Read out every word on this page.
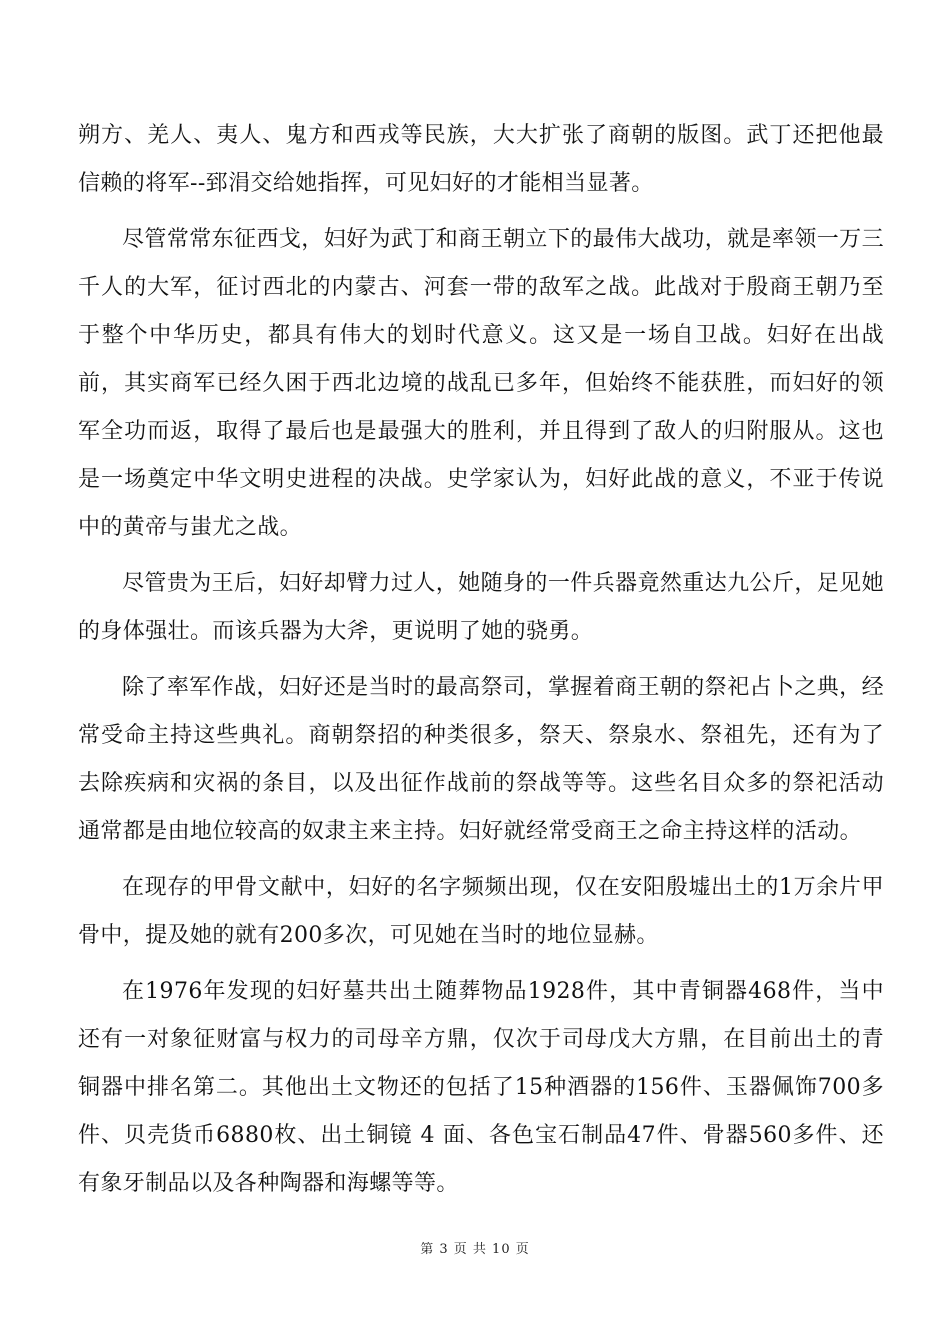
朔方、羌人、夷人、鬼方和西戎等民族，大大扩张了商朝的版图。武丁还把他最信赖的将军--郅涓交给她指挥，可见妇好的才能相当显著。

尽管常常东征西戈，妇好为武丁和商王朝立下的最伟大战功，就是率领一万三千人的大军，征讨西北的内蒙古、河套一带的敌军之战。此战对于殷商王朝乃至于整个中华历史，都具有伟大的划时代意义。这又是一场自卫战。妇好在出战前，其实商军已经久困于西北边境的战乱已多年，但始终不能获胜，而妇好的领军全功而返，取得了最后也是最强大的胜利，并且得到了敌人的归附服从。这也是一场奠定中华文明史进程的决战。史学家认为，妇好此战的意义，不亚于传说中的黄帝与蚩尤之战。

尽管贵为王后，妇好却臂力过人，她随身的一件兵器竟然重达九公斤，足见她的身体强壮。而该兵器为大斧，更说明了她的骁勇。

除了率军作战，妇好还是当时的最高祭司，掌握着商王朝的祭祀占卜之典，经常受命主持这些典礼。商朝祭招的种类很多，祭天、祭泉水、祭祖先，还有为了去除疾病和灾祸的条目，以及出征作战前的祭战等等。这些名目众多的祭祀活动通常都是由地位较高的奴隶主来主持。妇好就经常受商王之命主持这样的活动。

在现存的甲骨文献中，妇好的名字频频出现，仅在安阳殷墟出土的1万余片甲骨中，提及她的就有200多次，可见她在当时的地位显赫。

在1976年发现的妇好墓共出土随葬物品1928件，其中青铜器468件，当中还有一对象征财富与权力的司母辛方鼎，仅次于司母戊大方鼎，在目前出土的青铜器中排名第二。其他出土文物还的包括了15种酒器的156件、玉器佩饰700多件、贝壳货币6880枚、出土铜镜 4 面、各色宝石制品47件、骨器560多件、还有象牙制品以及各种陶器和海螺等等。

第 3 页 共 10 页
